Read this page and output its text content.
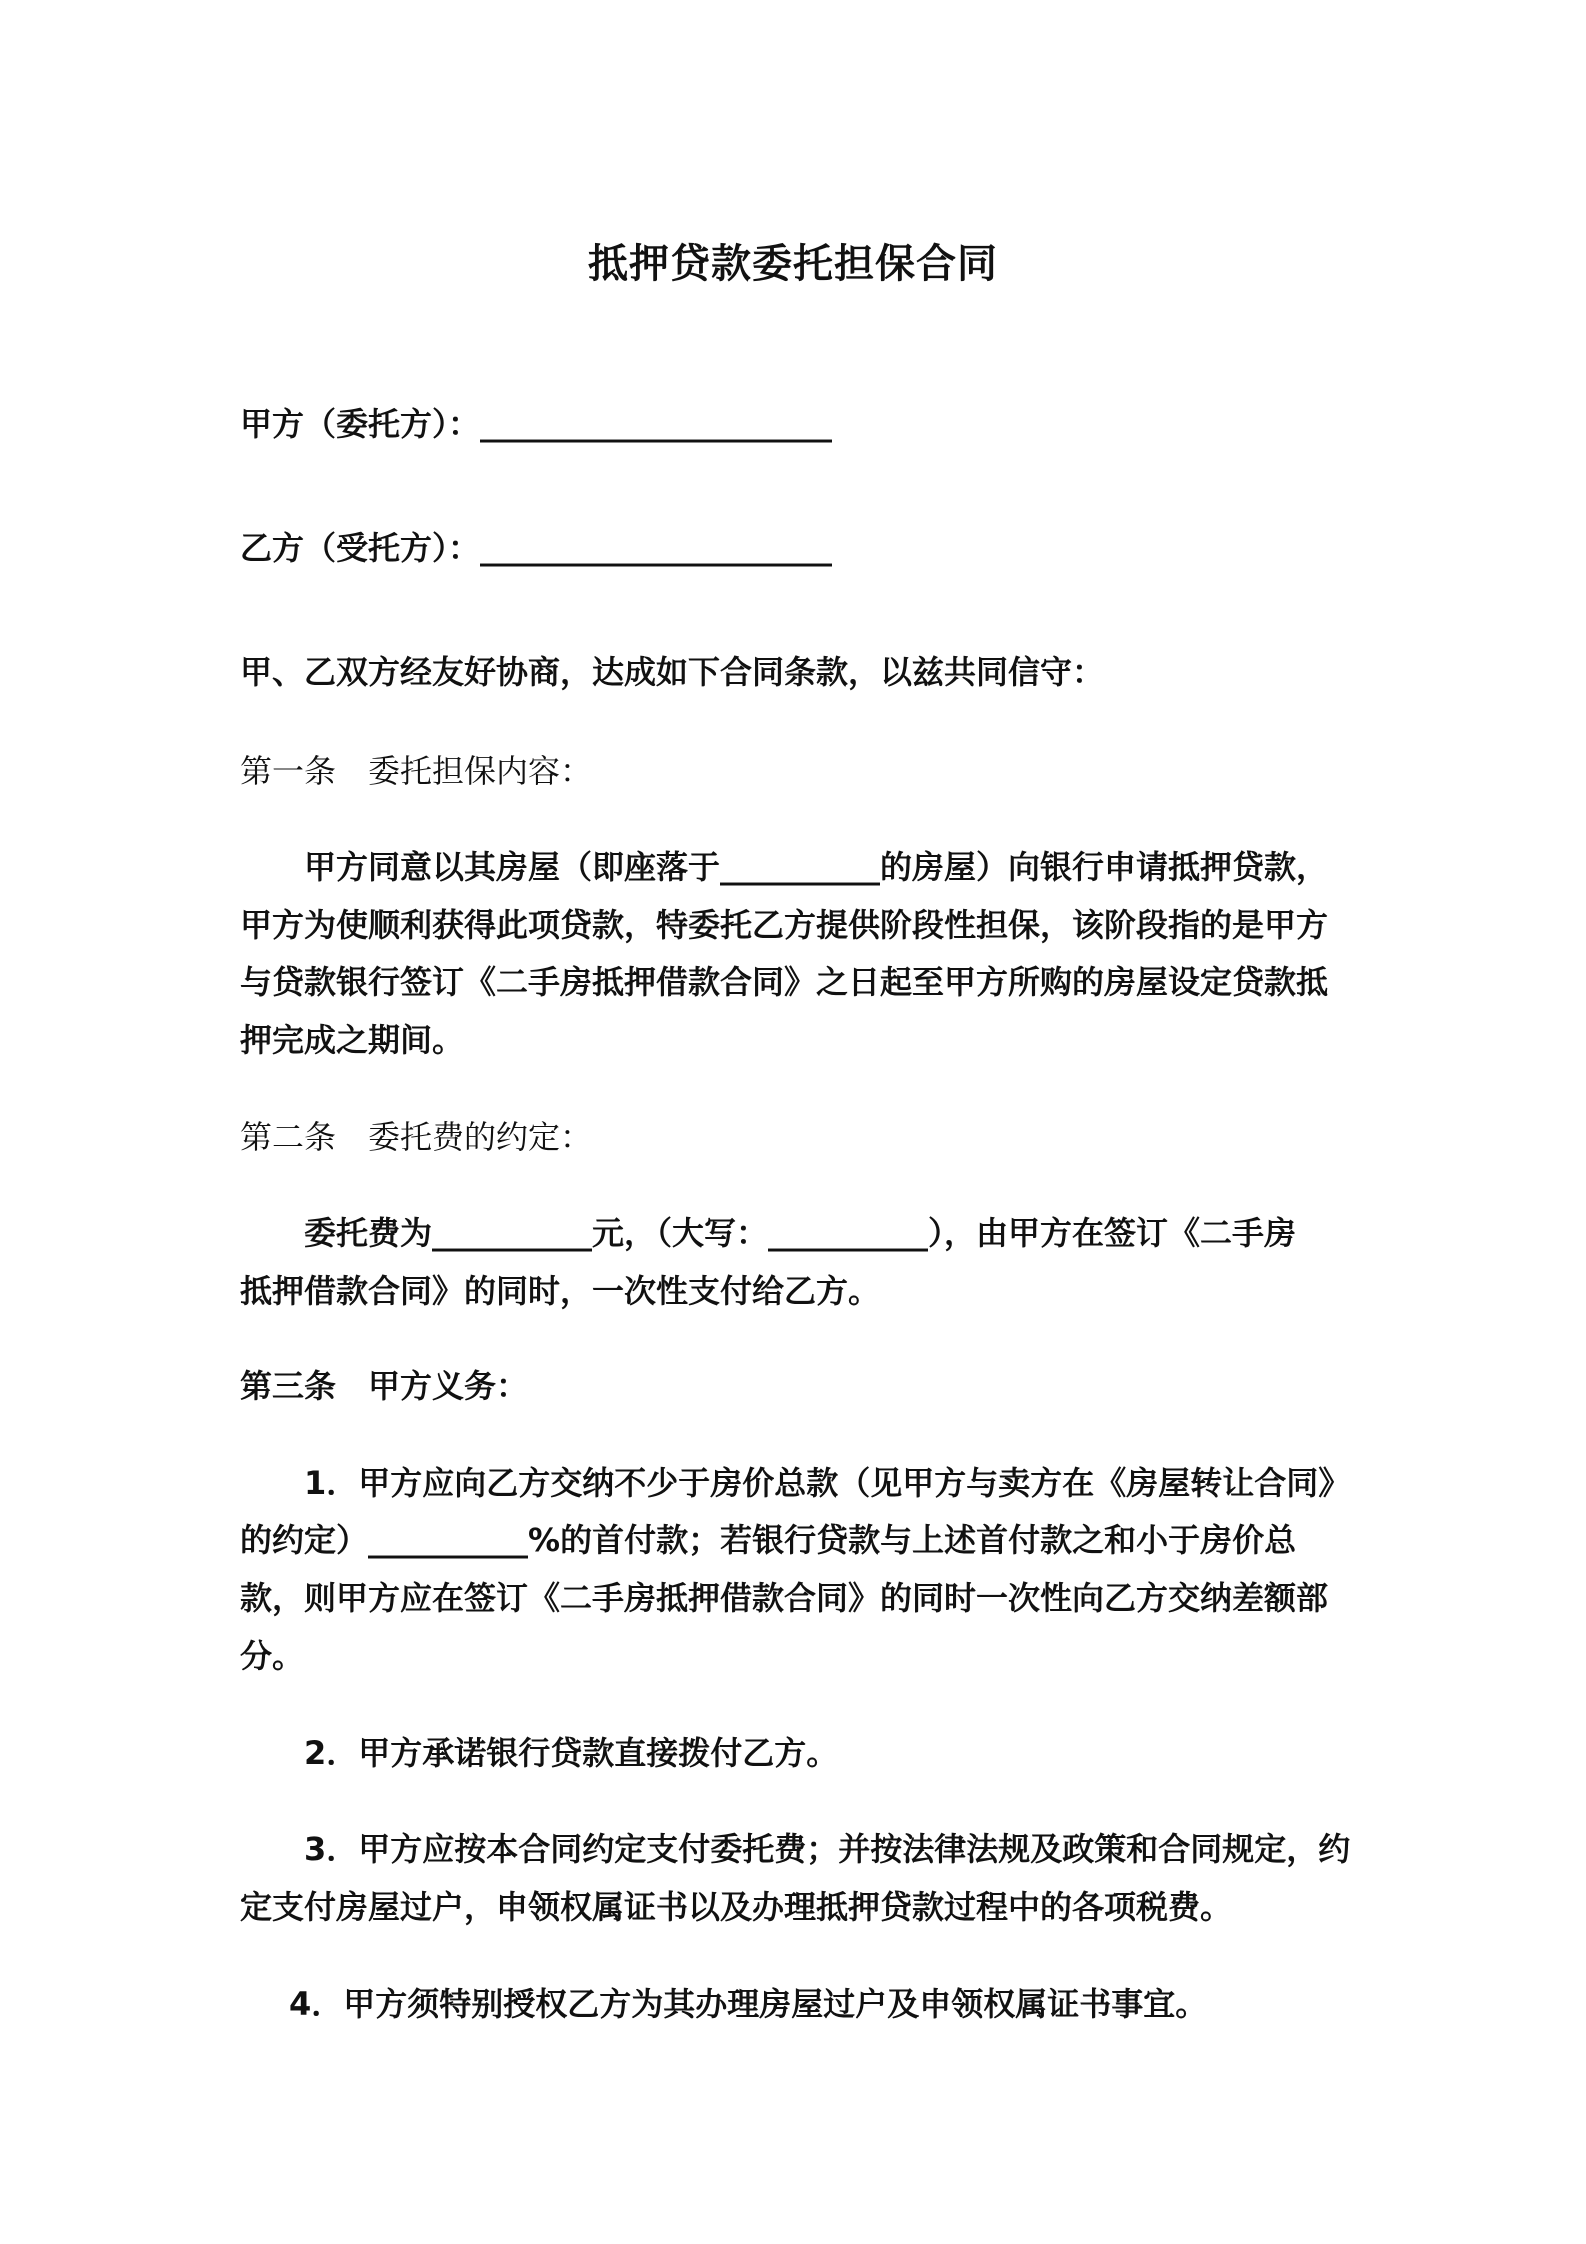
抵押贷款委托担保合同
甲方（委托方）：______________________
乙方（受托方）：______________________
甲、乙双方经友好协商，达成如下合同条款，以兹共同信守：
第一条　委托担保内容：
甲方同意以其房屋（即座落于__________的房屋）向银行申请抵押贷款，
甲方为使顺利获得此项贷款，特委托乙方提供阶段性担保，该阶段指的是甲方
与贷款银行签订《二手房抵押借款合同》之日起至甲方所购的房屋设定贷款抵
押完成之期间。
第二条　委托费的约定：
委托费为__________元，（大写：__________），由甲方在签订《二手房
抵押借款合同》的同时，一次性支付给乙方。
第三条　甲方义务：
1．甲方应向乙方交纳不少于房价总款（见甲方与卖方在《房屋转让合同》
的约定）__________%的首付款；若银行贷款与上述首付款之和小于房价总
款，则甲方应在签订《二手房抵押借款合同》的同时一次性向乙方交纳差额部
分。
2．甲方承诺银行贷款直接拨付乙方。
3．甲方应按本合同约定支付委托费；并按法律法规及政策和合同规定，约
定支付房屋过户，申领权属证书以及办理抵押贷款过程中的各项税费。
4．甲方须特别授权乙方为其办理房屋过户及申领权属证书事宜。
